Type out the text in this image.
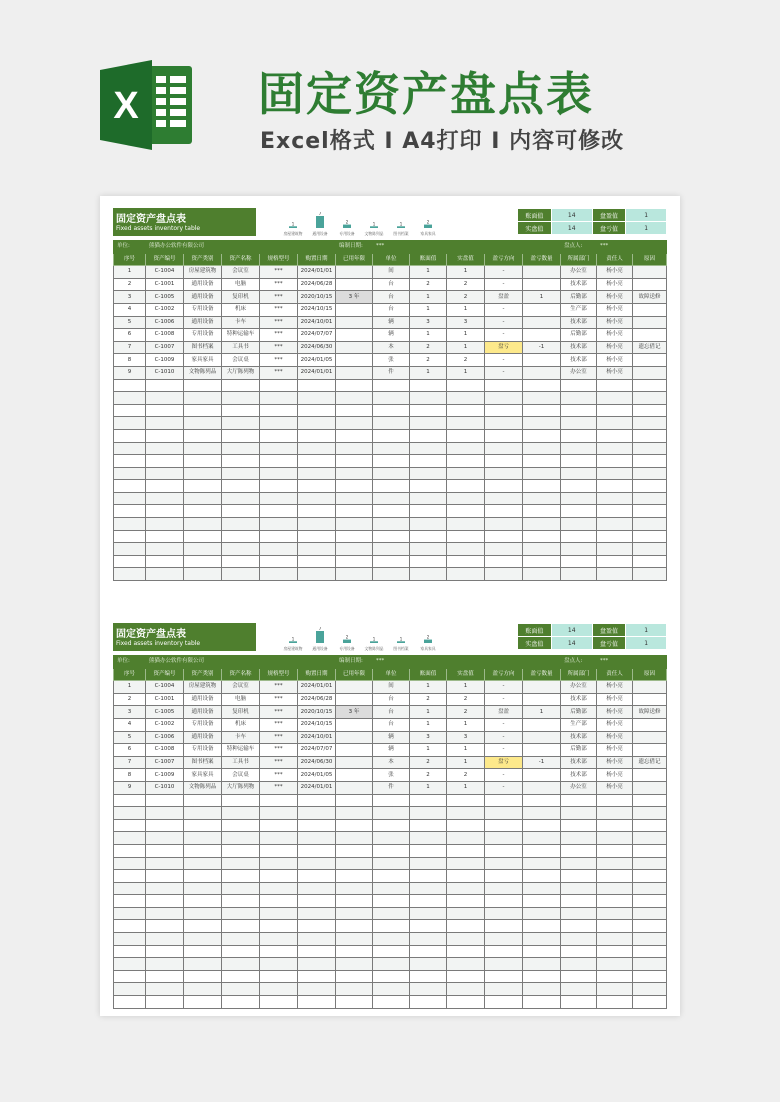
X	固定资产盘点表
Excel格式 I A4打印 I 内容可修改
固定资产盘点表
Fixed assets inventory table
1
房屋建筑物
7
通用设备
2
专用设备
1
文物陈列品
1
图书档案
2
家具家具
账面值	14	盘盈值	1
实盘值	14	盘亏值	1
单位:	熊猫办公软件有限公司					编制日期:	***					盘点人:	***	
序号	资产编号	资产类别	资产名称	规格型号	购置日期	已用年限	单位	账面值	实盘值	盈亏方向	盈亏数量	所属部门	责任人	原因
1	C-1004	房屋建筑物	会议室	***	2024/01/01		间	1	1	-		办公室	杨小亮	
2	C-1001	通用设备	电脑	***	2024/06/28		台	2	2	-		技术部	杨小亮	
3	C-1005	通用设备	复印机	***	2020/10/15	3 年	台	1	2	盘盈	1	后勤部	杨小亮	故障送修
4	C-1002	专用设备	机床	***	2024/10/15		台	1	1	-		生产部	杨小亮	
5	C-1006	通用设备	卡车	***	2024/10/01		辆	3	3	-		技术部	杨小亮	
6	C-1008	专用设备	特种运输车	***	2024/07/07		辆	1	1	-		后勤部	杨小亮	
7	C-1007	图书档案	工具书	***	2024/06/30		本	2	1	盘亏	-1	技术部	杨小亮	遗忘借记
8	C-1009	家具家具	会议桌	***	2024/01/05		张	2	2	-		技术部	杨小亮	
9	C-1010	文物陈列品	大厅陈列物	***	2024/01/01		件	1	1	-		办公室	杨小亮	

固定资产盘点表
Fixed assets inventory table
1
房屋建筑物
7
通用设备
2
专用设备
1
文物陈列品
1
图书档案
2
家具家具
账面值	14	盘盈值	1
实盘值	14	盘亏值	1
单位:	熊猫办公软件有限公司					编制日期:	***					盘点人:	***	
序号	资产编号	资产类别	资产名称	规格型号	购置日期	已用年限	单位	账面值	实盘值	盈亏方向	盈亏数量	所属部门	责任人	原因
1	C-1004	房屋建筑物	会议室	***	2024/01/01		间	1	1	-		办公室	杨小亮	
2	C-1001	通用设备	电脑	***	2024/06/28		台	2	2	-		技术部	杨小亮	
3	C-1005	通用设备	复印机	***	2020/10/15	3 年	台	1	2	盘盈	1	后勤部	杨小亮	故障送修
4	C-1002	专用设备	机床	***	2024/10/15		台	1	1	-		生产部	杨小亮	
5	C-1006	通用设备	卡车	***	2024/10/01		辆	3	3	-		技术部	杨小亮	
6	C-1008	专用设备	特种运输车	***	2024/07/07		辆	1	1	-		后勤部	杨小亮	
7	C-1007	图书档案	工具书	***	2024/06/30		本	2	1	盘亏	-1	技术部	杨小亮	遗忘借记
8	C-1009	家具家具	会议桌	***	2024/01/05		张	2	2	-		技术部	杨小亮	
9	C-1010	文物陈列品	大厅陈列物	***	2024/01/01		件	1	1	-		办公室	杨小亮	
